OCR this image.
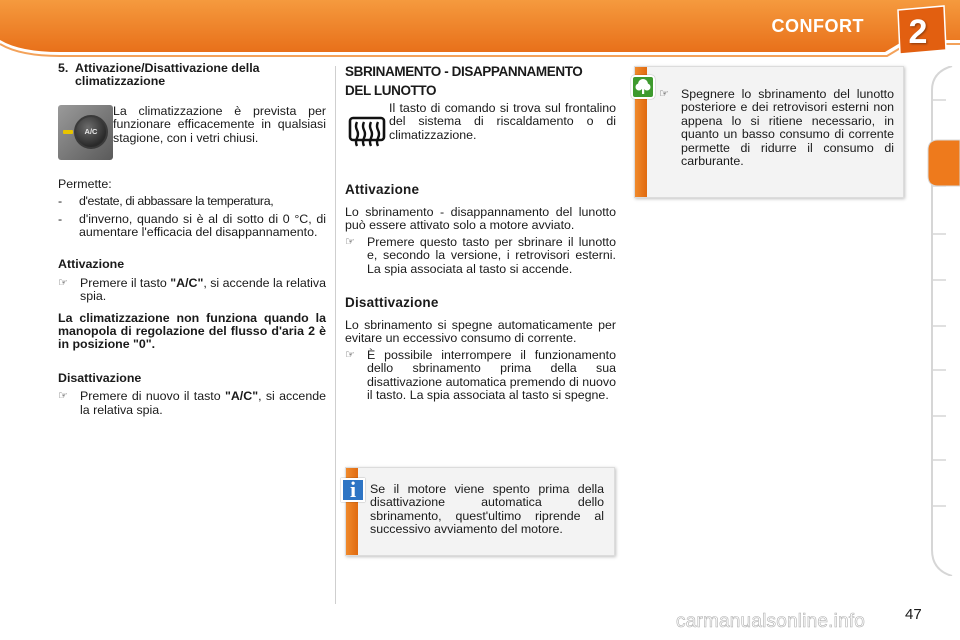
CONFORT	2
5. Attivazione/Disattivazione della climatizzazione
A/C

La climatizzazione è prevista per funzionare efficacemente in qualsiasi stagione, con i vetri chiusi.

Permette:

-	d'estate, di abbassare la temperatura,
-	d'inverno, quando si è al di sotto di 0 °C, di aumentare l'efficacia del disappannamento.

Attivazione

☞ Premere il tasto "A/C", si accende la relativa spia.

La climatizzazione non funziona quando la manopola di regolazione del flusso d'aria 2 è in posizione "0".

Disattivazione

☞ Premere di nuovo il tasto "A/C", si accende la relativa spia.

SBRINAMENTO - DISAPPANNAMENTO

DEL LUNOTTO

Il tasto di comando si trova sul frontalino del sistema di riscaldamento o di climatizzazione.

Attivazione

Lo sbrinamento - disappannamento del lunotto può essere attivato solo a motore avviato.

☞ Premere questo tasto per sbrinare il lunotto e, secondo la versione, i retrovisori esterni. La spia associata al tasto si accende.

Disattivazione

Lo sbrinamento si spegne automaticamente per evitare un eccessivo consumo di corrente.

☞ È possibile interrompere il funzionamento dello sbrinamento prima della sua disattivazione automatica premendo di nuovo il tasto. La spia associata al tasto si spegne.
☞ Spegnere lo sbrinamento del lunotto posteriore e dei retrovisori esterni non appena lo si ritiene necessario, in quanto un basso consumo di corrente permette di ridurre il consumo di carburante.
i	Se il motore viene spento prima della disattivazione automatica dello sbrinamento, quest'ultimo riprende al successivo avviamento del motore.

47
carmanualsonline.info
